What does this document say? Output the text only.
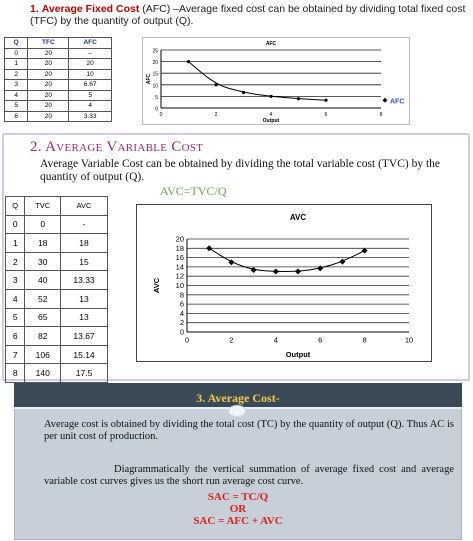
1. Average Fixed Cost (AFC) –Average fixed cost can be obtained by dividing total fixed cost (TFC) by the quantity of output (Q).
Q	TFC	AFC
0	20	–
1	20	20
2	20	10
3	20	6.67
4	20	5
5	20	4
6	20	3.33
0
5
10
15
20
25
0	2	4	6	8
AFC
Output
AFC
AFC
2. Average Variable Cost
Average Variable Cost can be obtained by dividing the total variable cost (TVC) by the quantity of output (Q).
AVC=TVC/Q
Q	TVC	AVC
0	0	-
1	18	18
2	30	15
3	40	13.33
4	52	13
5	65	13
6	82	13.67
7	106	15.14
8	140	17.5
0
2
4
6
8
10
12
14
16
18
20
0	2	4	6	8	10
AVC
Output
AVC
3. Average Cost-
Average cost is obtained by dividing the total cost (TC) by the quantity of output (Q). Thus AC is per unit cost of production.
Diagrammatically the vertical summation of average fixed cost and average variable cost curves gives us the short run average cost curve.
SAC = TC/Q
OR
SAC = AFC + AVC
